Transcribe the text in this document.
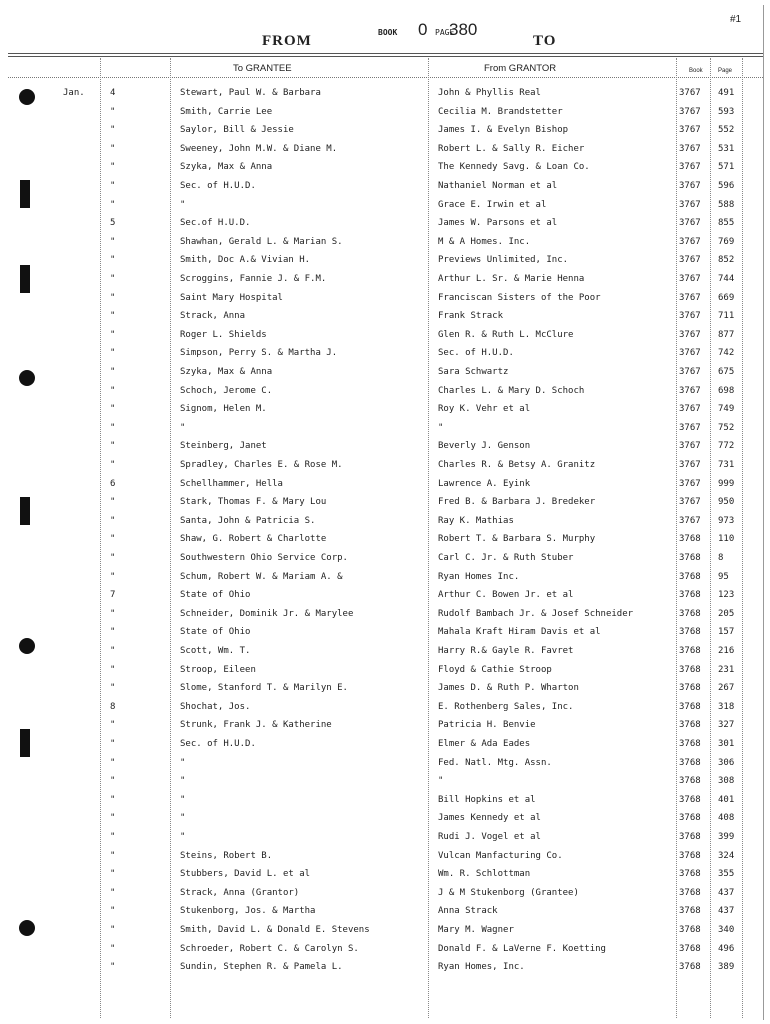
#1
FROM
BOOK 0 PAGE
380
TO
To GRANTEE	From GRANTOR	Book	Page
Jan.	4	Stewart, Paul W. & Barbara	John & Phyllis Real	3767 491
"	Smith, Carrie Lee	Cecilia M. Brandstetter	3767 593
"	Saylor, Bill & Jessie	James I. & Evelyn Bishop	3767 552
"	Sweeney, John M.W. & Diane M.	Robert L. & Sally R. Eicher	3767 531
"	Szyka, Max & Anna	The Kennedy Savg. & Loan Co.	3767 571
"	Sec. of H.U.D.	Nathaniel Norman et al	3767 596
"	"	Grace E. Irwin et al	3767 588
5	Sec.of H.U.D.	James W. Parsons et al	3767 855
"	Shawhan, Gerald L. & Marian S.	M & A Homes. Inc.	3767 769
"	Smith, Doc A.& Vivian H.	Previews Unlimited, Inc.	3767 852
"	Scroggins, Fannie J. & F.M.	Arthur L. Sr. & Marie Henna	3767 744
"	Saint Mary Hospital	Franciscan Sisters of the Poor	3767 669
"	Strack, Anna	Frank Strack	3767 711
"	Roger L. Shields	Glen R. & Ruth L. McClure	3767 877
"	Simpson, Perry S. & Martha J.	Sec. of H.U.D.	3767 742
"	Szyka, Max & Anna	Sara Schwartz	3767 675
"	Schoch, Jerome C.	Charles L. & Mary D. Schoch	3767 698
"	Signom, Helen M.	Roy K. Vehr et al	3767 749
"	"	"	3767 752
"	Steinberg, Janet	Beverly J. Genson	3767 772
"	Spradley, Charles E. & Rose M.	Charles R. & Betsy A. Granitz	3767 731
6	Schellhammer, Hella	Lawrence A. Eyink	3767 999
"	Stark, Thomas F. & Mary Lou	Fred B. & Barbara J. Bredeker	3767 950
"	Santa, John & Patricia S.	Ray K. Mathias	3767 973
"	Shaw, G. Robert & Charlotte	Robert T. & Barbara S. Murphy	3768 110
"	Southwestern Ohio Service Corp.	Carl C. Jr. & Ruth Stuber	3768 8
"	Schum, Robert W. & Mariam A. &	Ryan Homes Inc.	3768 95
7	State of Ohio	Arthur C. Bowen Jr. et al	3768 123
"	Schneider, Dominik Jr. & Marylee	Rudolf Bambach Jr. & Josef Schneider	3768 205
"	State of Ohio	Mahala Kraft Hiram Davis et al	3768 157
"	Scott, Wm. T.	Harry R.& Gayle R. Favret	3768 216
"	Stroop, Eileen	Floyd & Cathie Stroop	3768 231
"	Slome, Stanford T. & Marilyn E.	James D. & Ruth P. Wharton	3768 267
8	Shochat, Jos.	E. Rothenberg Sales, Inc.	3768 318
"	Strunk, Frank J. & Katherine	Patricia H. Benvie	3768 327
"	Sec. of H.U.D.	Elmer & Ada Eades	3768 301
"	"	Fed. Natl. Mtg. Assn.	3768 306
"	"	"	3768 308
"	"	Bill Hopkins et al	3768 401
"	"	James Kennedy et al	3768 408
"	"	Rudi J. Vogel et al	3768 399
"	Steins, Robert B.	Vulcan Manfacturing Co.	3768 324
"	Stubbers, David L. et al	Wm. R. Schlottman	3768 355
"	Strack, Anna (Grantor)	J & M Stukenborg (Grantee)	3768 437
"	Stukenborg, Jos. & Martha	Anna Strack	3768 437
"	Smith, David L. & Donald E. Stevens	Mary M. Wagner	3768 340
"	Schroeder, Robert C. & Carolyn S.	Donald F. & LaVerne F. Koetting	3768 496
"	Sundin, Stephen R. & Pamela L.	Ryan Homes, Inc.	3768 389
